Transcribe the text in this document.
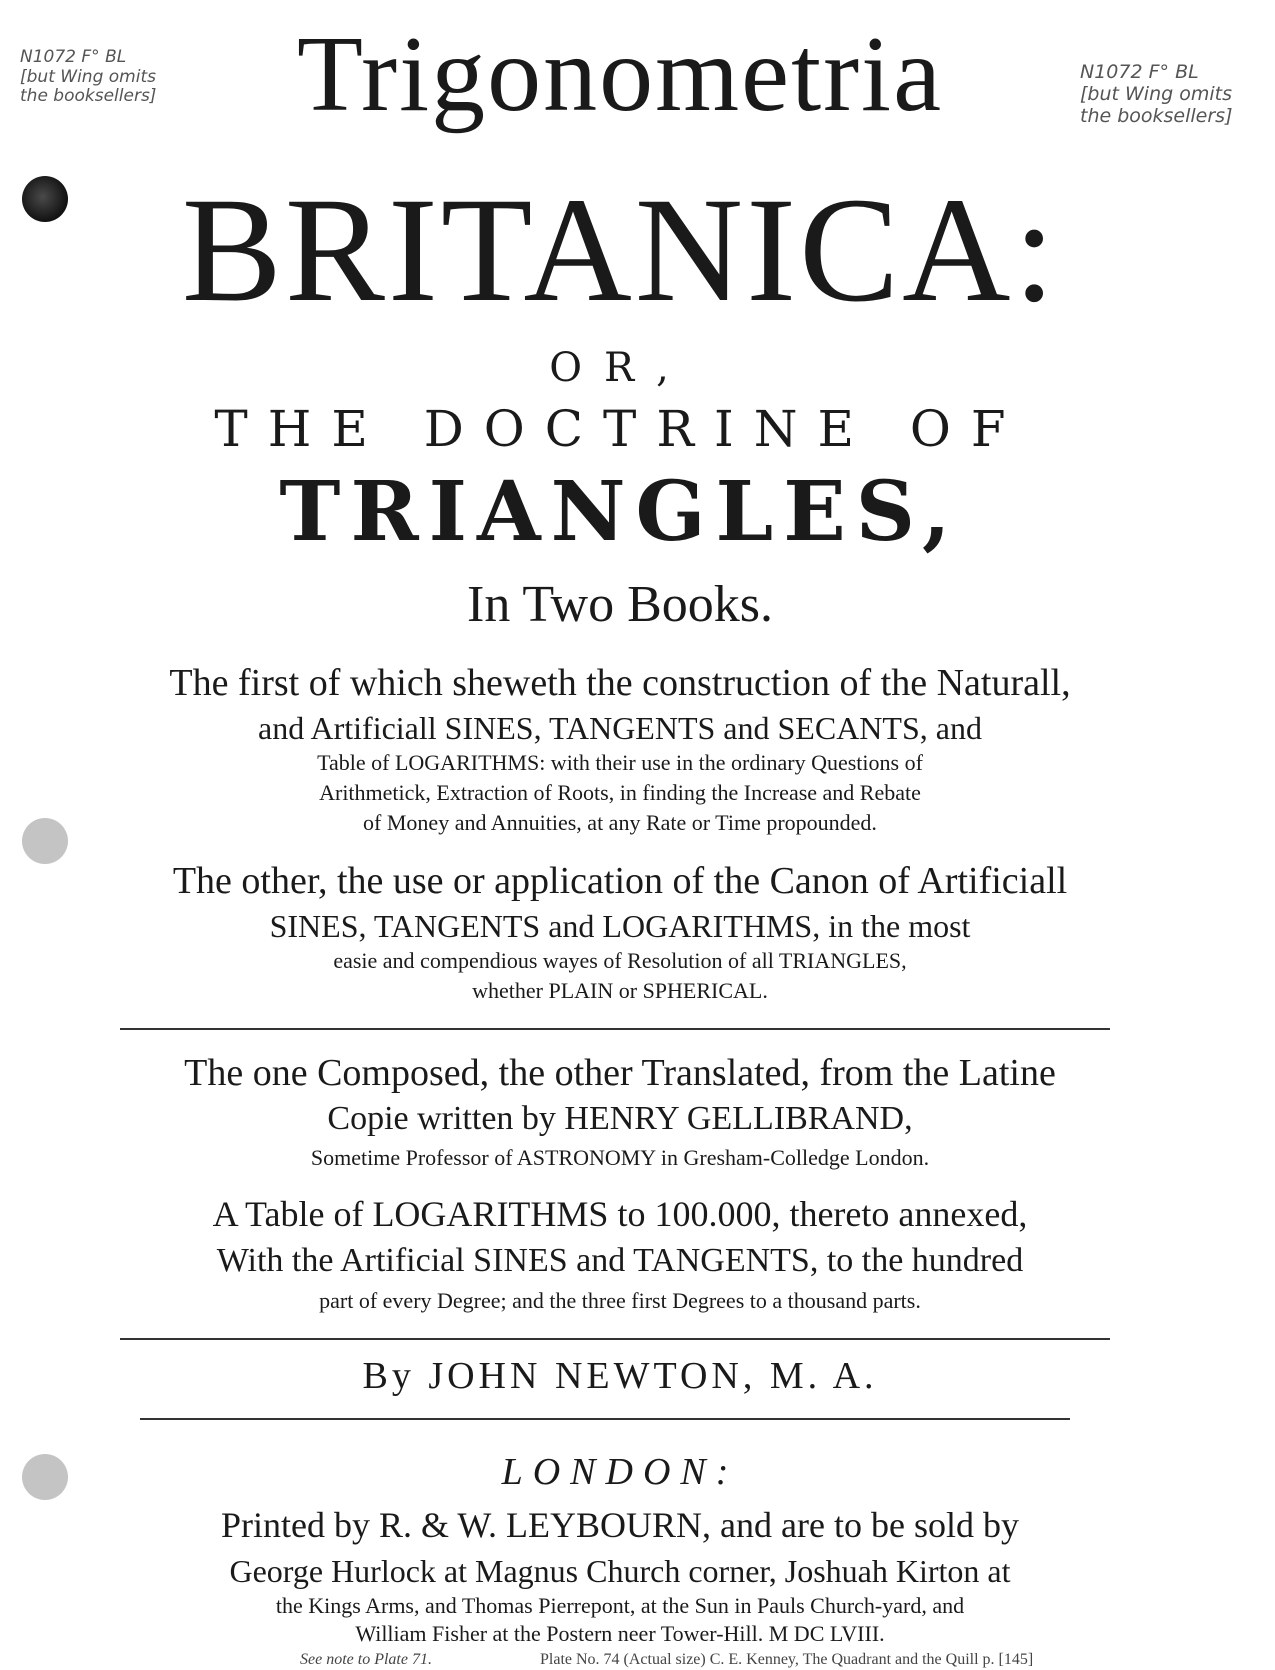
N1072 F° BL
[but Wing omits
the booksellers]
N1072 F° BL
[but Wing omits
the booksellers]
Trigonometria
BRITANICA:
OR,
THE DOCTRINE OF
TRIANGLES,
In Two Books.
The first of which sheweth the construction of the Naturall,
and Artificiall SINES, TANGENTS and SECANTS, and
Table of LOGARITHMS: with their use in the ordinary Questions of
Arithmetick, Extraction of Roots, in finding the Increase and Rebate
of Money and Annuities, at any Rate or Time propounded.
The other, the use or application of the Canon of Artificiall
SINES, TANGENTS and LOGARITHMS, in the most
easie and compendious wayes of Resolution of all TRIANGLES,
whether PLAIN or SPHERICAL.
The one Composed, the other Translated, from the Latine
Copie written by HENRY GELLIBRAND,
Sometime Professor of ASTRONOMY in Gresham-Colledge London.
A Table of LOGARITHMS to 100.000, thereto annexed,
With the Artificial SINES and TANGENTS, to the hundred
part of every Degree; and the three first Degrees to a thousand parts.
By JOHN NEWTON, M. A.
LONDON:
Printed by R. & W. LEYBOURN, and are to be sold by
George Hurlock at Magnus Church corner, Joshuah Kirton at
the Kings Arms, and Thomas Pierrepont, at the Sun in Pauls Church-yard, and
William Fisher at the Postern neer Tower-Hill. M DC LVIII.
See note to Plate 71.	Plate No. 74 (Actual size) C. E. Kenney, The Quadrant and the Quill p. [145]
